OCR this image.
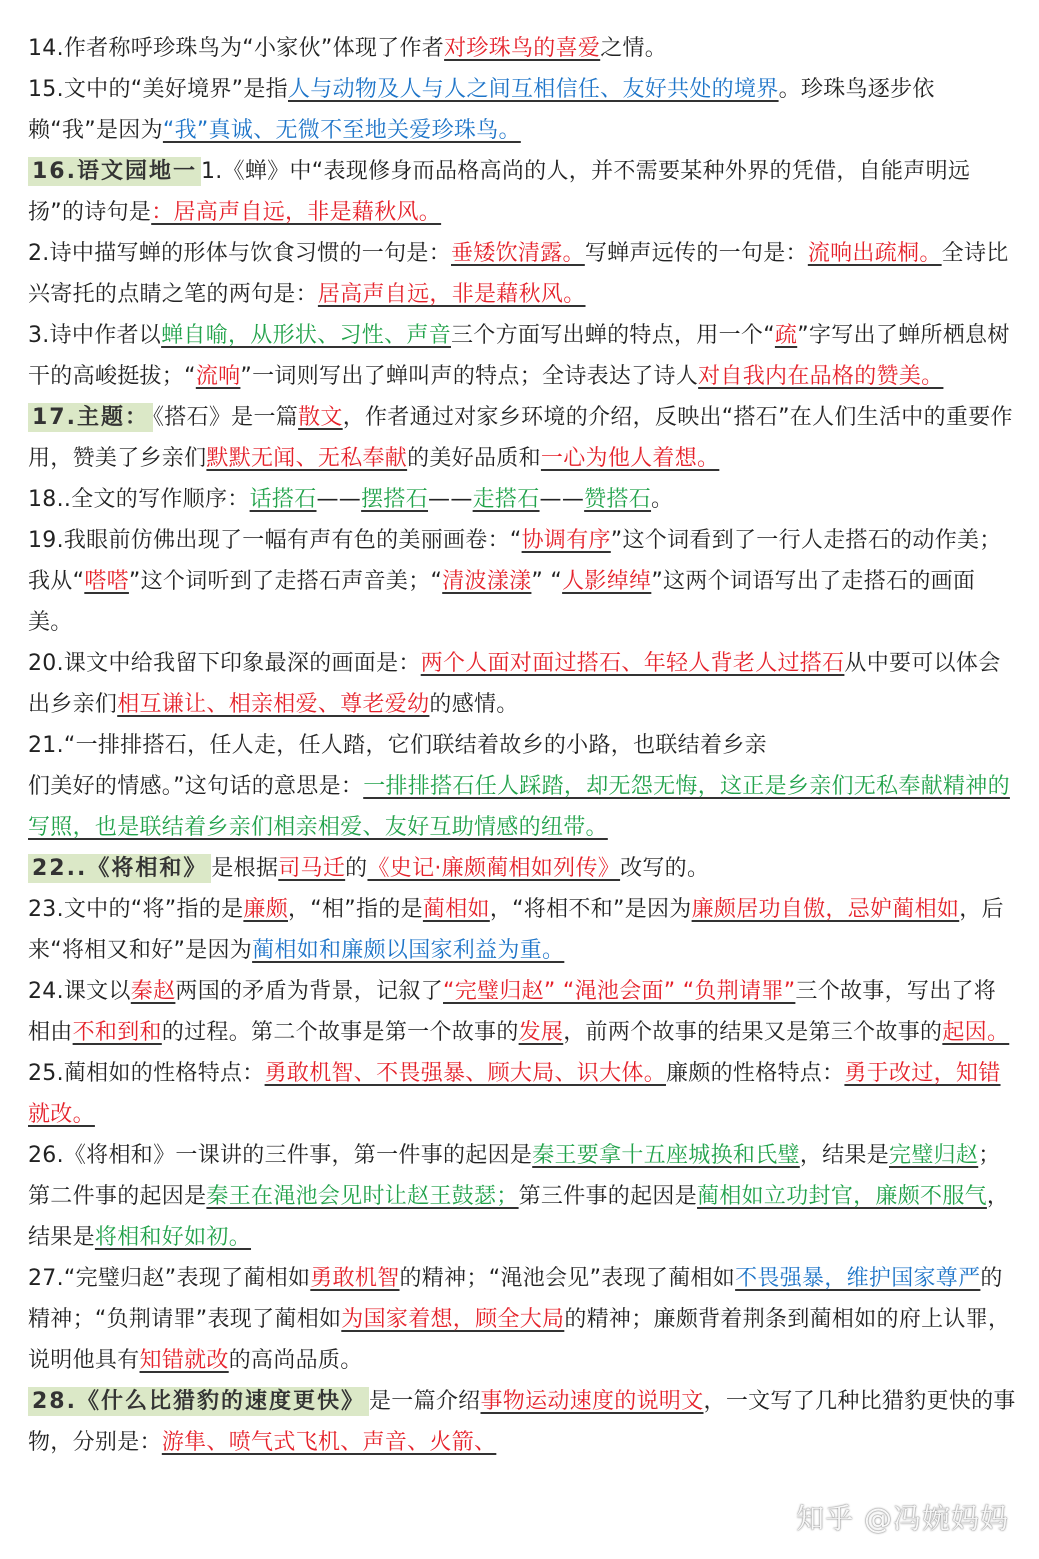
14.作者称呼珍珠鸟为“小家伙”体现了作者对珍珠鸟的喜爱之情。

15.文中的“美好境界”是指人与动物及人与人之间互相信任、友好共处的境界。珍珠鸟逐步依赖“我”是因为“我”真诚、无微不至地关爱珍珠鸟。

16.语文园地一 1.《蝉》中“表现修身而品格高尚的人，并不需要某种外界的凭借，自能声明远扬”的诗句是：居高声自远，非是藉秋风。

2.诗中描写蝉的形体与饮食习惯的一句是：垂矮饮清露。写蝉声远传的一句是：流响出疏桐。全诗比兴寄托的点睛之笔的两句是：居高声自远，非是藉秋风。

3.诗中作者以蝉自喻，从形状、习性、声音三个方面写出蝉的特点，用一个“疏”字写出了蝉所栖息树干的高峻挺拔；“流响”一词则写出了蝉叫声的特点；全诗表达了诗人对自我内在品格的赞美。

17.主题： 《搭石》是一篇散文，作者通过对家乡环境的介绍，反映出“搭石”在人们生活中的重要作用，赞美了乡亲们默默无闻、无私奉献的美好品质和一心为他人着想。

18..全文的写作顺序：话搭石——摆搭石——走搭石——赞搭石。

19.我眼前仿佛出现了一幅有声有色的美丽画卷：“协调有序”这个词看到了一行人走搭石的动作美；我从“嗒嗒”这个词听到了走搭石声音美；“清波漾漾” “人影绰绰”这两个词语写出了走搭石的画面美。

20.课文中给我留下印象最深的画面是：两个人面对面过搭石、年轻人背老人过搭石从中要可以体会出乡亲们相互谦让、相亲相爱、尊老爱幼的感情。

21.“一排排搭石，任人走，任人踏，它们联结着故乡的小路，也联结着乡亲

们美好的情感。”这句话的意思是：一排排搭石任人踩踏，却无怨无悔，这正是乡亲们无私奉献精神的写照，也是联结着乡亲们相亲相爱、友好互助情感的纽带。

22..《将相和》 是根据司马迁的《史记·廉颇蔺相如列传》改写的。

23.文中的“将”指的是廉颇，“相”指的是蔺相如，“将相不和”是因为廉颇居功自傲，忌妒蔺相如，后来“将相又和好”是因为蔺相如和廉颇以国家利益为重。

24.课文以秦赵两国的矛盾为背景，记叙了“完璧归赵” “渑池会面” “负荆请罪”三个故事，写出了将相由不和到和的过程。第二个故事是第一个故事的发展，前两个故事的结果又是第三个故事的起因。

25.蔺相如的性格特点：勇敢机智、不畏强暴、顾大局、识大体。廉颇的性格特点：勇于改过，知错就改。

26.《将相和》一课讲的三件事，第一件事的起因是秦王要拿十五座城换和氏璧，结果是完璧归赵；第二件事的起因是秦王在渑池会见时让赵王鼓瑟；第三件事的起因是蔺相如立功封官，廉颇不服气，结果是将相和好如初。

27.“完璧归赵”表现了蔺相如勇敢机智的精神；“渑池会见”表现了蔺相如不畏强暴，维护国家尊严的精神；“负荆请罪”表现了蔺相如为国家着想，顾全大局的精神；廉颇背着荆条到蔺相如的府上认罪，说明他具有知错就改的高尚品质。

28.《什么比猎豹的速度更快》 是一篇介绍事物运动速度的说明文，一文写了几种比猎豹更快的事物，分别是：游隼、喷气式飞机、声音、火箭、

知乎 @冯婉妈妈
